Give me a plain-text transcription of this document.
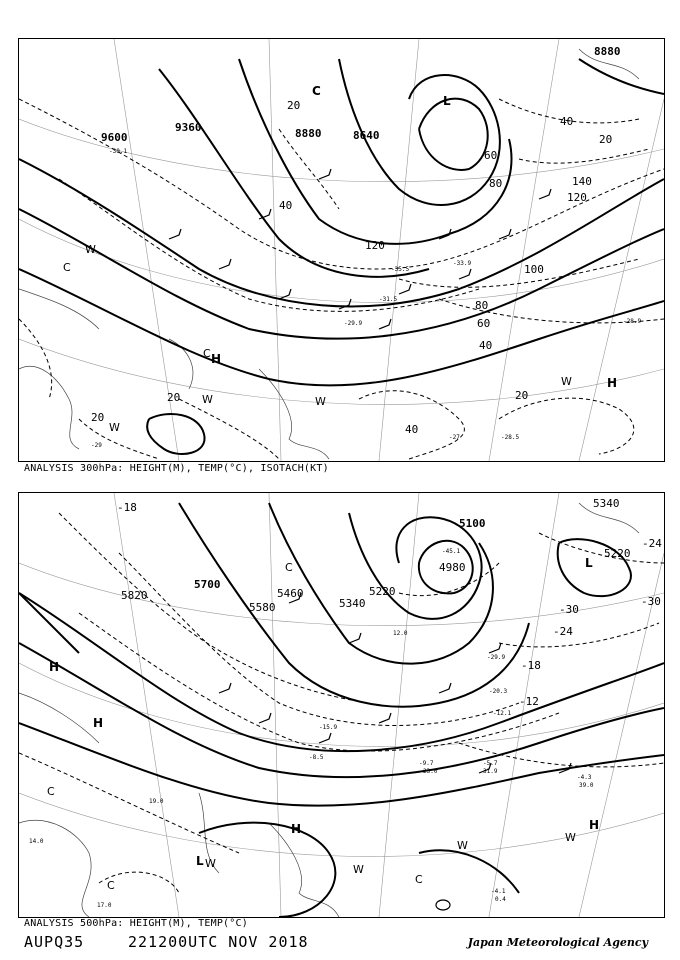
9600
9360	8880	8640
8880
20
40
60
80
100
120
140
120
40
20
20
20
40
80
60
40
20
-30.1
-28.9
-31.5
-29.9
-35.5
-33.9
-28.5
-27
-29
L
C
H
H
W
W
W	W
W
C
C
ANALYSIS 300hPa: HEIGHT(M), TEMP(°C), ISOTACH(KT)
5820
5700
5580
5460
5340
5220
5100
4980
5340
5220
-18
-24
-30
-24
-18
-12
-30
-4.3
-9.7	-5.7
-4.1
-8.5
-12.1
-15.9
-20.3
-29.9
-45.1
39.0
31.9
0.4
23.0
14.0
19.0
12.0
17.0
L
L
H
H
H	H
W	W
W
W
C
C
C	C
ANALYSIS 500hPa: HEIGHT(M), TEMP(°C)
AUPQ35	221200UTC NOV 2018	Japan Meteorological Agency
